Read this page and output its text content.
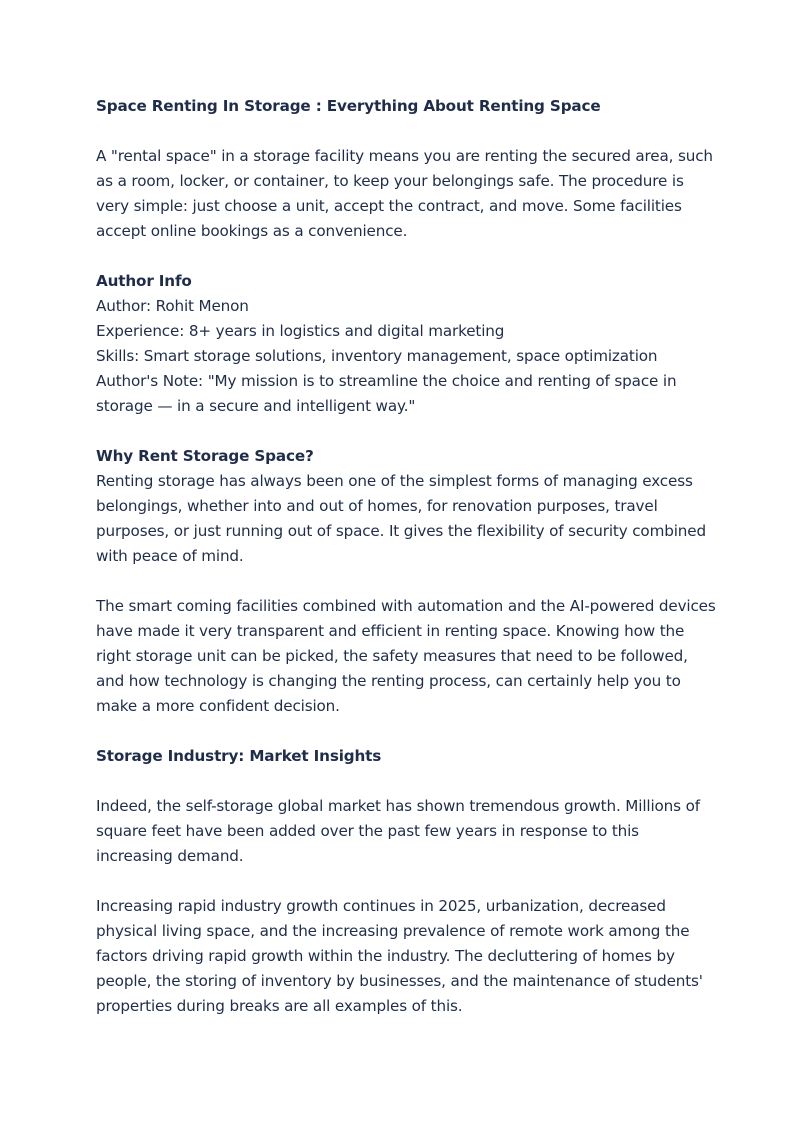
Space Renting In Storage : Everything About Renting Space

A "rental space" in a storage facility means you are renting the secured area, such as a room, locker, or container, to keep your belongings safe. The procedure is very simple: just choose a unit, accept the contract, and move. Some facilities accept online bookings as a convenience.

Author Info

Author: Rohit Menon

Experience: 8+ years in logistics and digital marketing

Skills: Smart storage solutions, inventory management, space optimization

Author's Note: "My mission is to streamline the choice and renting of space in storage — in a secure and intelligent way."

Why Rent Storage Space?

Renting storage has always been one of the simplest forms of managing excess belongings, whether into and out of homes, for renovation purposes, travel purposes, or just running out of space. It gives the flexibility of security combined with peace of mind.

The smart coming facilities combined with automation and the AI-powered devices have made it very transparent and efficient in renting space. Knowing how the right storage unit can be picked, the safety measures that need to be followed, and how technology is changing the renting process, can certainly help you to make a more confident decision.

Storage Industry: Market Insights

Indeed, the self-storage global market has shown tremendous growth. Millions of square feet have been added over the past few years in response to this increasing demand.

Increasing rapid industry growth continues in 2025, urbanization, decreased physical living space, and the increasing prevalence of remote work among the factors driving rapid growth within the industry. The decluttering of homes by people, the storing of inventory by businesses, and the maintenance of students' properties during breaks are all examples of this.
